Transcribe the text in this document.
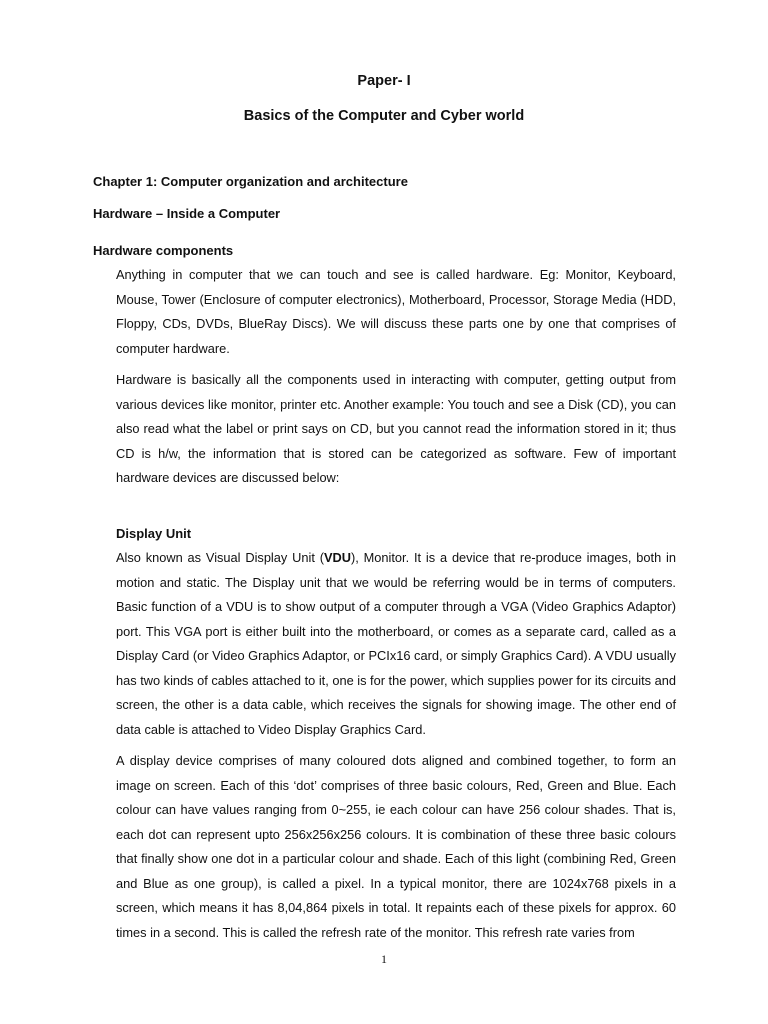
Paper- I
Basics of the Computer and Cyber world
Chapter 1: Computer organization and architecture
Hardware – Inside a Computer
Hardware components

Anything in computer that we can touch and see is called hardware. Eg: Monitor, Keyboard, Mouse, Tower (Enclosure of computer electronics), Motherboard, Processor, Storage Media (HDD, Floppy, CDs, DVDs, BlueRay Discs). We will discuss these parts one by one that comprises of computer hardware.

Hardware is basically all the components used in interacting with computer, getting output from various devices like monitor, printer etc. Another example: You touch and see a Disk (CD), you can also read what the label or print says on CD, but you cannot read the information stored in it; thus CD is h/w, the information that is stored can be categorized as software. Few of important hardware devices are discussed below:

Display Unit

Also known as Visual Display Unit (VDU), Monitor. It is a device that re-produce images, both in motion and static. The Display unit that we would be referring would be in terms of computers. Basic function of a VDU is to show output of a computer through a VGA (Video Graphics Adaptor) port. This VGA port is either built into the motherboard, or comes as a separate card, called as a Display Card (or Video Graphics Adaptor, or PCIx16 card, or simply Graphics Card). A VDU usually has two kinds of cables attached to it, one is for the power, which supplies power for its circuits and screen, the other is a data cable, which receives the signals for showing image. The other end of data cable is attached to Video Display Graphics Card.

A display device comprises of many coloured dots aligned and combined together, to form an image on screen. Each of this ‘dot’ comprises of three basic colours, Red, Green and Blue. Each colour can have values ranging from 0~255, ie each colour can have 256 colour shades. That is, each dot can represent upto 256x256x256 colours. It is combination of these three basic colours that finally show one dot in a particular colour and shade. Each of this light (combining Red, Green and Blue as one group), is called a pixel. In a typical monitor, there are 1024x768 pixels in a screen, which means it has 8,04,864 pixels in total. It repaints each of these pixels for approx. 60 times in a second. This is called the refresh rate of the monitor. This refresh rate varies from

1
